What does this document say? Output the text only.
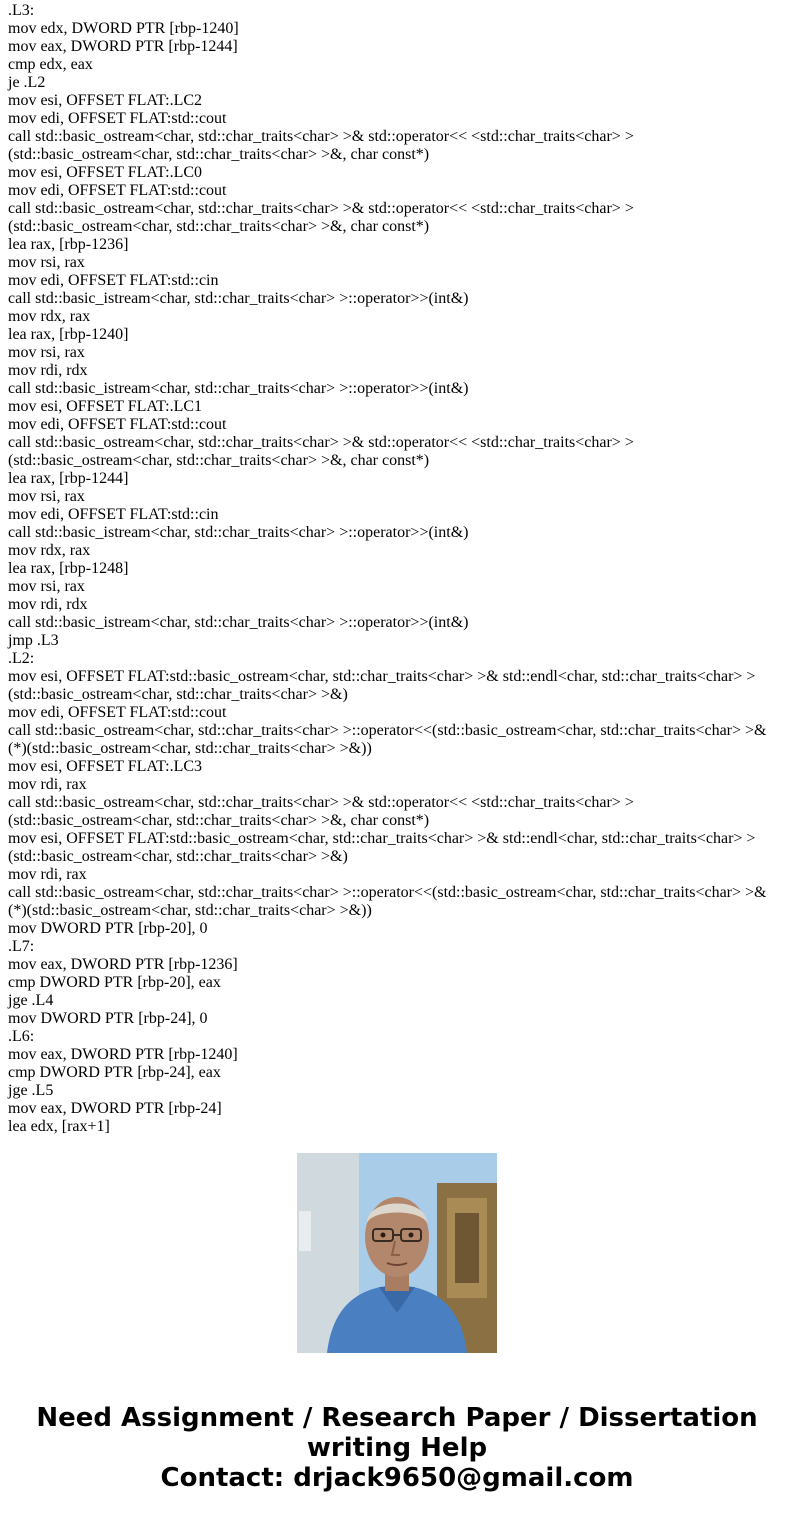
.L3:
mov edx, DWORD PTR [rbp-1240]
mov eax, DWORD PTR [rbp-1244]
cmp edx, eax
je .L2
mov esi, OFFSET FLAT:.LC2
mov edi, OFFSET FLAT:std::cout
call std::basic_ostream<char, std::char_traits<char> >& std::operator<< <std::char_traits<char> > (std::basic_ostream<char, std::char_traits<char> >&, char const*)
mov esi, OFFSET FLAT:.LC0
mov edi, OFFSET FLAT:std::cout
call std::basic_ostream<char, std::char_traits<char> >& std::operator<< <std::char_traits<char> > (std::basic_ostream<char, std::char_traits<char> >&, char const*)
lea rax, [rbp-1236]
mov rsi, rax
mov edi, OFFSET FLAT:std::cin
call std::basic_istream<char, std::char_traits<char> >::operator>>(int&)
mov rdx, rax
lea rax, [rbp-1240]
mov rsi, rax
mov rdi, rdx
call std::basic_istream<char, std::char_traits<char> >::operator>>(int&)
mov esi, OFFSET FLAT:.LC1
mov edi, OFFSET FLAT:std::cout
call std::basic_ostream<char, std::char_traits<char> >& std::operator<< <std::char_traits<char> > (std::basic_ostream<char, std::char_traits<char> >&, char const*)
lea rax, [rbp-1244]
mov rsi, rax
mov edi, OFFSET FLAT:std::cin
call std::basic_istream<char, std::char_traits<char> >::operator>>(int&)
mov rdx, rax
lea rax, [rbp-1248]
mov rsi, rax
mov rdi, rdx
call std::basic_istream<char, std::char_traits<char> >::operator>>(int&)
jmp .L3
.L2:
mov esi, OFFSET FLAT:std::basic_ostream<char, std::char_traits<char> >& std::endl<char, std::char_traits<char> > (std::basic_ostream<char, std::char_traits<char> >&)
mov edi, OFFSET FLAT:std::cout
call std::basic_ostream<char, std::char_traits<char> >::operator<<(std::basic_ostream<char, std::char_traits<char> >& (*)(std::basic_ostream<char, std::char_traits<char> >&))
mov esi, OFFSET FLAT:.LC3
mov rdi, rax
call std::basic_ostream<char, std::char_traits<char> >& std::operator<< <std::char_traits<char> > (std::basic_ostream<char, std::char_traits<char> >&, char const*)
mov esi, OFFSET FLAT:std::basic_ostream<char, std::char_traits<char> >& std::endl<char, std::char_traits<char> > (std::basic_ostream<char, std::char_traits<char> >&)
mov rdi, rax
call std::basic_ostream<char, std::char_traits<char> >::operator<<(std::basic_ostream<char, std::char_traits<char> >& (*)(std::basic_ostream<char, std::char_traits<char> >&))
mov DWORD PTR [rbp-20], 0
.L7:
mov eax, DWORD PTR [rbp-1236]
cmp DWORD PTR [rbp-20], eax
jge .L4
mov DWORD PTR [rbp-24], 0
.L6:
mov eax, DWORD PTR [rbp-1240]
cmp DWORD PTR [rbp-24], eax
jge .L5
mov eax, DWORD PTR [rbp-24]
lea edx, [rax+1]
Need Assignment / Research Paper / Dissertation
writing Help
Contact: drjack9650@gmail.com
